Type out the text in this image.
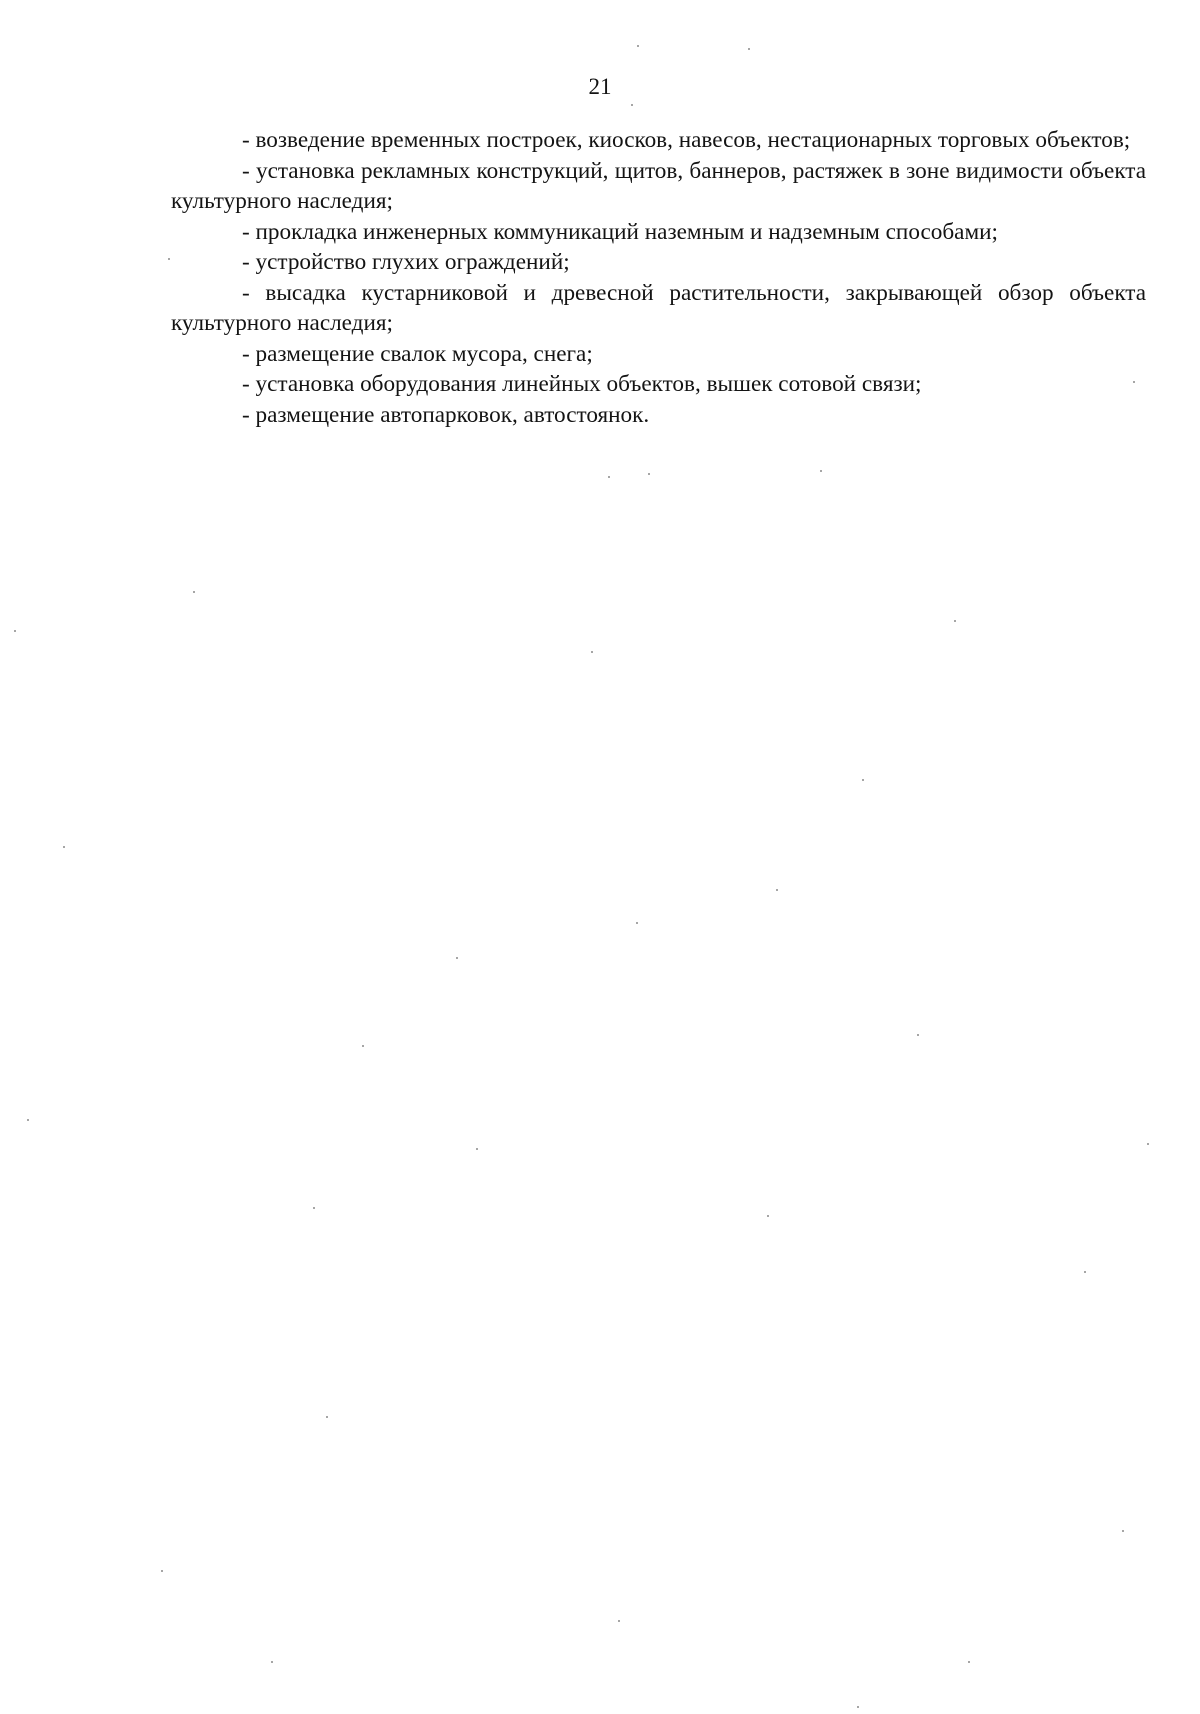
21

- возведение временных построек, киосков, навесов, нестационарных торговых объектов;

- установка рекламных конструкций, щитов, баннеров, растяжек в зоне видимости объекта культурного наследия;

- прокладка инженерных коммуникаций наземным и надземным способами;

- устройство глухих ограждений;

- высадка кустарниковой и древесной растительности, закрывающей обзор объекта культурного наследия;

- размещение свалок мусора, снега;

- установка оборудования линейных объектов, вышек сотовой связи;

- размещение автопарковок, автостоянок.
